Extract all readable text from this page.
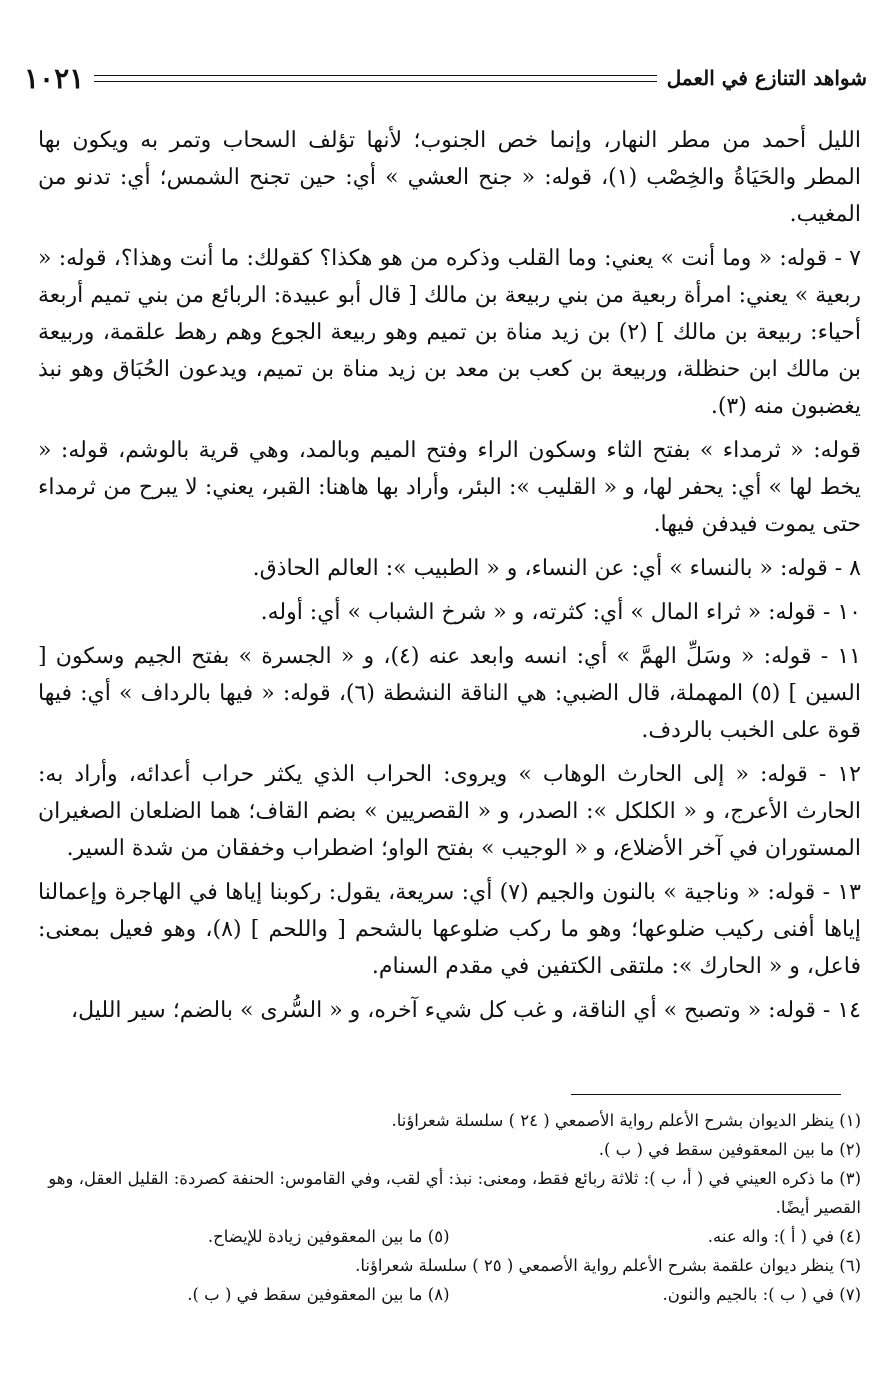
شواهد التنازع في العمل
١٠٢١

الليل أحمد من مطر النهار، وإنما خص الجنوب؛ لأنها تؤلف السحاب وتمر به ويكون بها المطر والحَيَاةُ والخِصْب (١)، قوله: « جنح العشي » أي: حين تجنح الشمس؛ أي: تدنو من المغيب.

٧ - قوله: « وما أنت » يعني: وما القلب وذكره من هو هكذا؟ كقولك: ما أنت وهذا؟، قوله: « ربعية » يعني: امرأة ربعية من بني ربيعة بن مالك [ قال أبو عبيدة: الربائع من بني تميم أربعة أحياء: ربيعة بن مالك ] (٢) بن زيد مناة بن تميم وهو ربيعة الجوع وهم رهط علقمة، وربيعة بن مالك ابن حنظلة، وربيعة بن كعب بن معد بن زيد مناة بن تميم، ويدعون الحُبَاق وهو نبذ يغضبون منه (٣).

قوله: « ثرمداء » بفتح الثاء وسكون الراء وفتح الميم وبالمد، وهي قرية بالوشم، قوله: « يخط لها » أي: يحفر لها، و « القليب »: البئر، وأراد بها هاهنا: القبر، يعني: لا يبرح من ثرمداء حتى يموت فيدفن فيها.

٨ - قوله: « بالنساء » أي: عن النساء، و « الطبيب »: العالم الحاذق.

١٠ - قوله: « ثراء المال » أي: كثرته، و « شرخ الشباب » أي: أوله.

١١ - قوله: « وسَلِّ الهمَّ » أي: انسه وابعد عنه (٤)، و « الجسرة » بفتح الجيم وسكون [ السين ] (٥) المهملة، قال الضبي: هي الناقة النشطة (٦)، قوله: « فيها بالرداف » أي: فيها قوة على الخبب بالردف.

١٢ - قوله: « إلى الحارث الوهاب » ويروى: الحراب الذي يكثر حراب أعدائه، وأراد به: الحارث الأعرج، و « الكلكل »: الصدر، و « القصريين » بضم القاف؛ هما الضلعان الصغيران المستوران في آخر الأضلاع، و « الوجيب » بفتح الواو؛ اضطراب وخفقان من شدة السير.

١٣ - قوله: « وناجية » بالنون والجيم (٧) أي: سريعة، يقول: ركوبنا إياها في الهاجرة وإعمالنا إياها أفنى ركيب ضلوعها؛ وهو ما ركب ضلوعها بالشحم [ واللحم ] (٨)، وهو فعيل بمعنى: فاعل، و « الحارك »: ملتقى الكتفين في مقدم السنام.

١٤ - قوله: « وتصبح » أي الناقة، و غب كل شيء آخره، و « السُّرى » بالضم؛ سير الليل،

(١) ينظر الديوان بشرح الأعلم رواية الأصمعي ( ٢٤ ) سلسلة شعراؤنا.

(٢) ما بين المعقوفين سقط في ( ب ).

(٣) ما ذكره العيني في ( أ، ب ): ثلاثة ربائع فقط، ومعنى: نبذ: أي لقب، وفي القاموس: الحنفة كصردة: القليل العقل، وهو القصير أيضًا.

(٤) في ( أ ): واله عنه.
(٥) ما بين المعقوفين زيادة للإيضاح.

(٦) ينظر ديوان علقمة بشرح الأعلم رواية الأصمعي ( ٢٥ ) سلسلة شعراؤنا.

(٧) في ( ب ): بالجيم والنون.
(٨) ما بين المعقوفين سقط في ( ب ).
